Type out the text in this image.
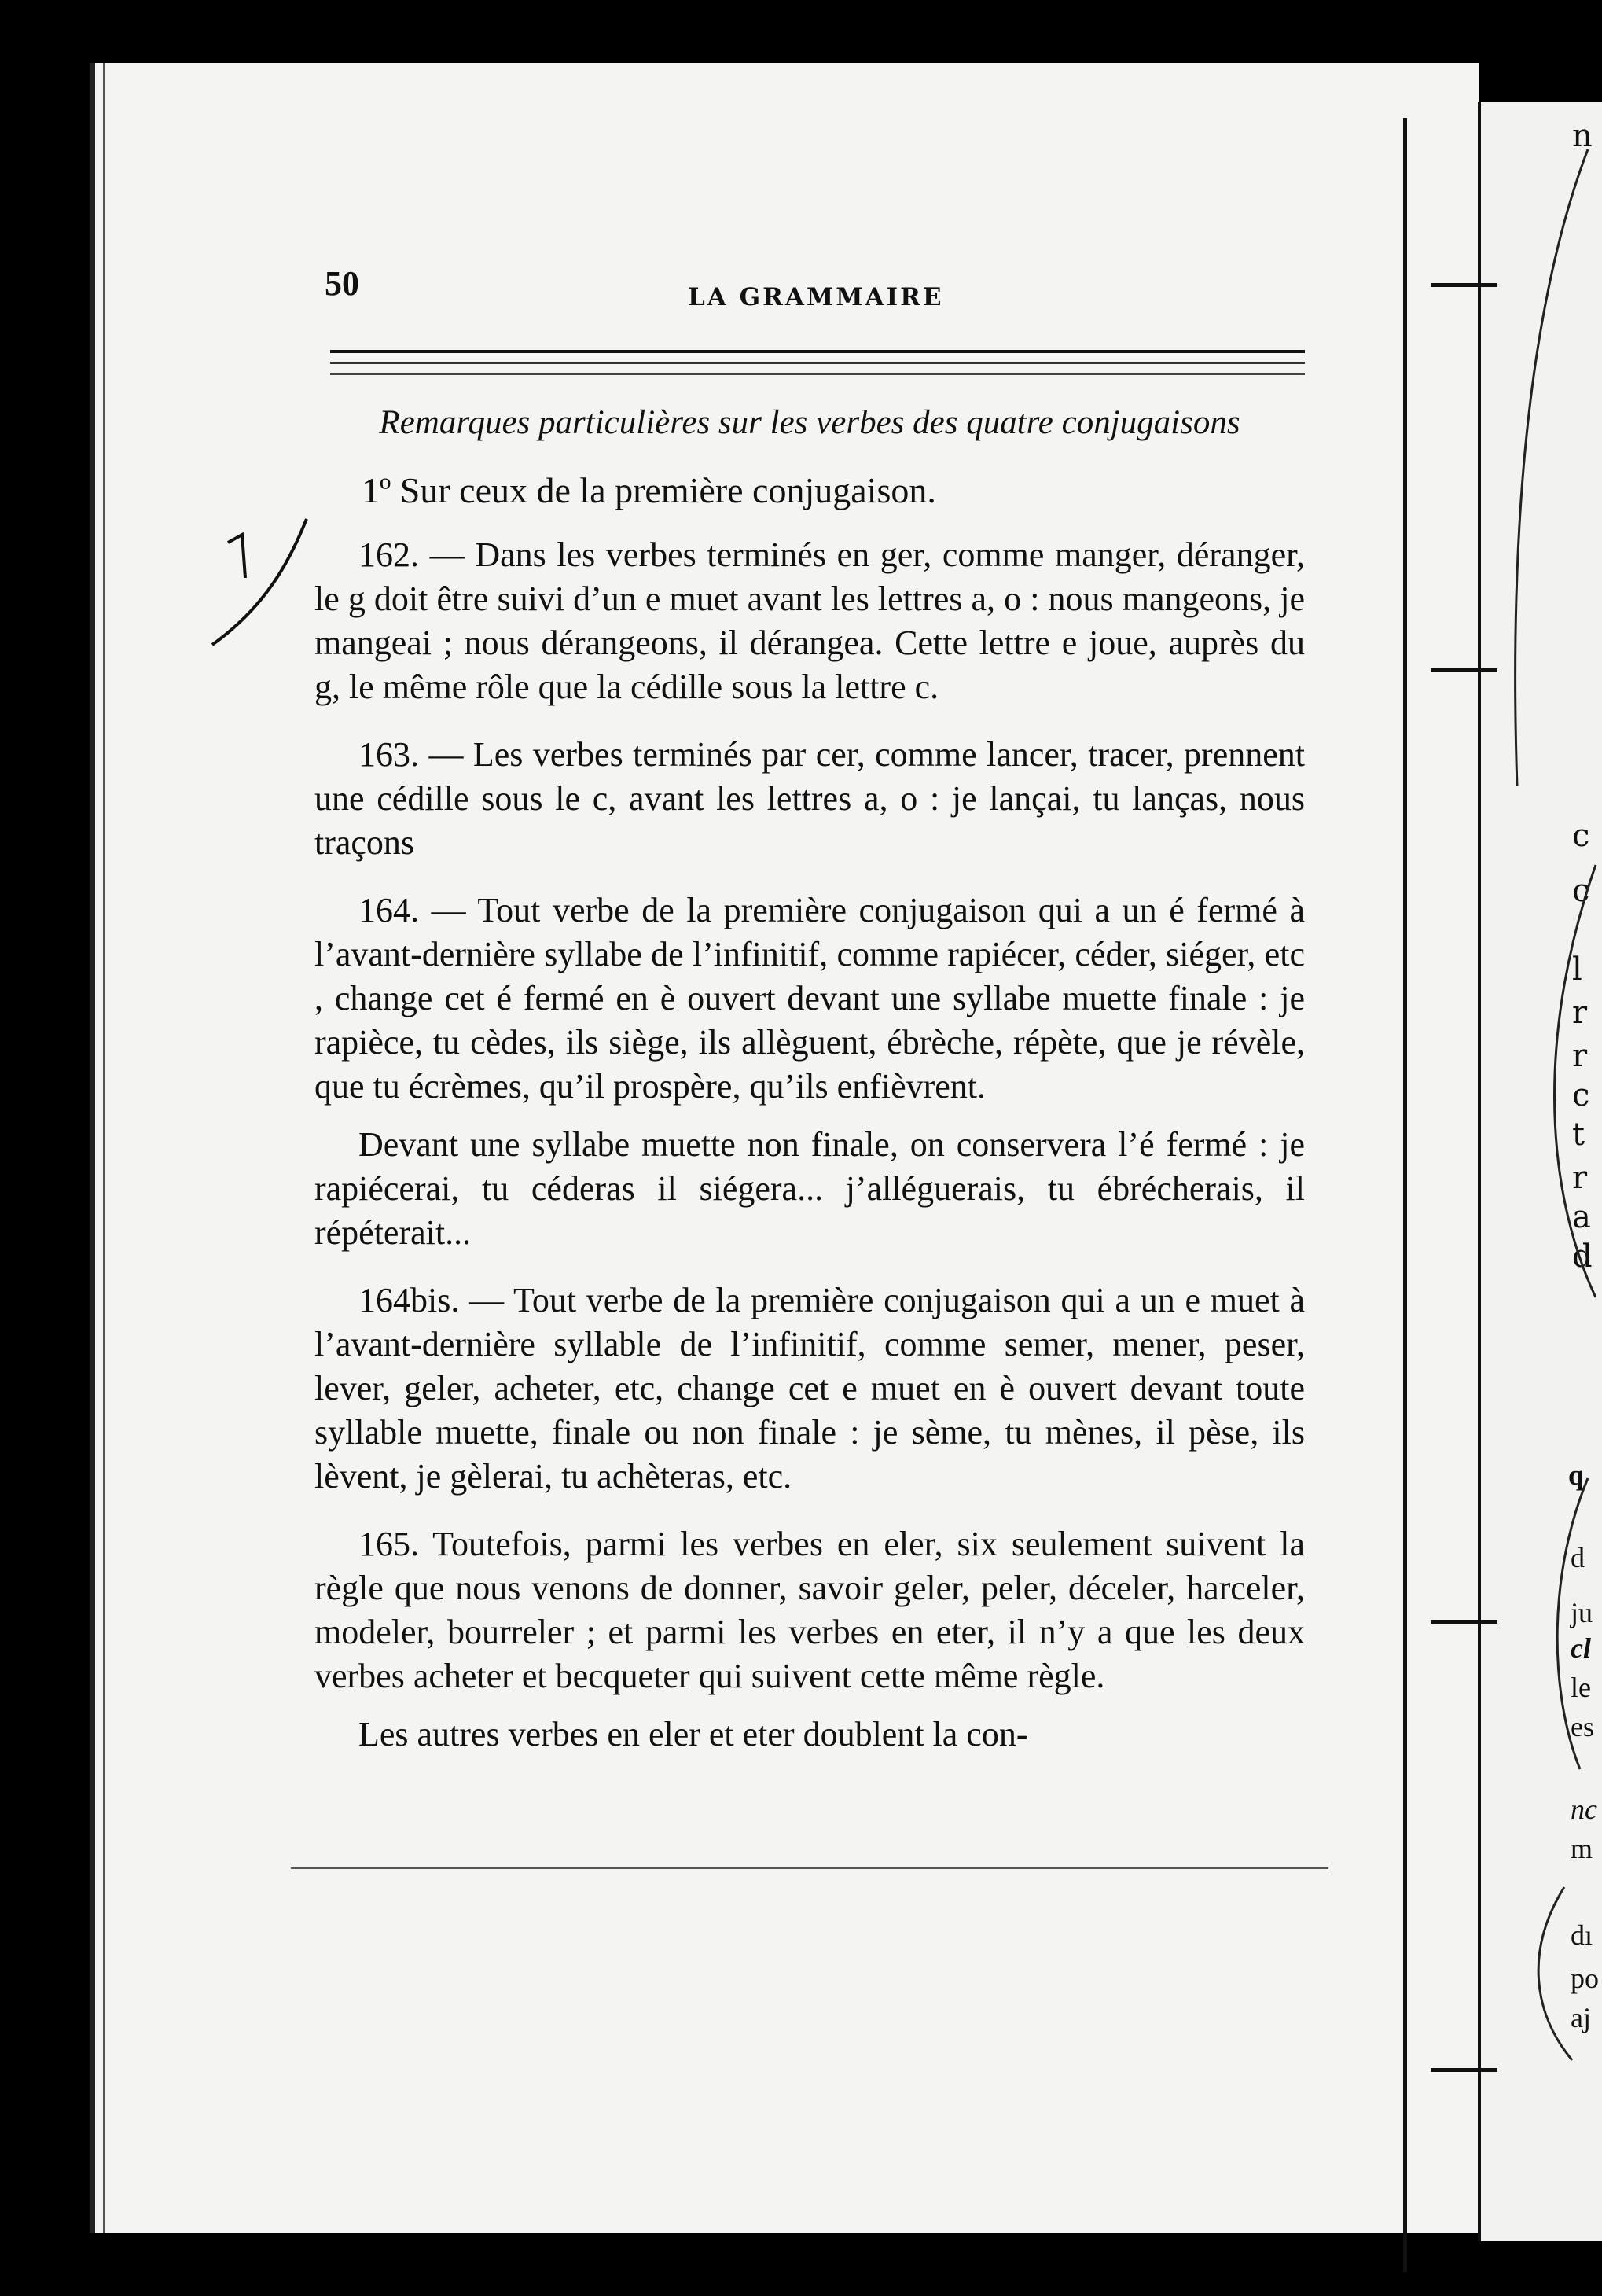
n
c
c
l
r
r
c
t
r
a
d
q
d
ju
cl
le
es
nc
m
dı
po
aj
1
50	LA GRAMMAIRE
Remarques particulières sur les verbes des quatre conjugaisons
1º Sur ceux de la première conjugaison.

162. — Dans les verbes terminés en ger, comme manger, déranger, le g doit être suivi d’un e muet avant les lettres a, o : nous mangeons, je mangeai ; nous dérangeons, il dérangea. Cette lettre e joue, auprès du g, le même rôle que la cédille sous la lettre c.

163. — Les verbes terminés par cer, comme lancer, tracer, prennent une cédille sous le c, avant les lettres a, o : je lançai, tu lanças, nous traçons

164. — Tout verbe de la première conjugaison qui a un é fermé à l’avant-dernière syllabe de l’infinitif, comme rapiécer, céder, siéger, etc , change cet é fermé en è ouvert devant une syllabe muette finale : je rapièce, tu cèdes, ils siège, ils allèguent, ébrèche, répète, que je révèle, que tu écrèmes, qu’il prospère, qu’ils enfièvrent.

Devant une syllabe muette non finale, on conservera l’é fermé : je rapiécerai, tu céderas il siégera... j’alléguerais, tu ébrécherais, il répéterait...

164bis. — Tout verbe de la première conjugaison qui a un e muet à l’avant-dernière syllable de l’infinitif, comme semer, mener, peser, lever, geler, acheter, etc, change cet e muet en è ouvert devant toute syllable muette, finale ou non finale : je sème, tu mènes, il pèse, ils lèvent, je gèlerai, tu achèteras, etc.

165. Toutefois, parmi les verbes en eler, six seulement suivent la règle que nous venons de donner, savoir geler, peler, déceler, harceler, modeler, bourreler ; et parmi les verbes en eter, il n’y a que les deux verbes acheter et becqueter qui suivent cette même règle.

Les autres verbes en eler et eter doublent la con-
